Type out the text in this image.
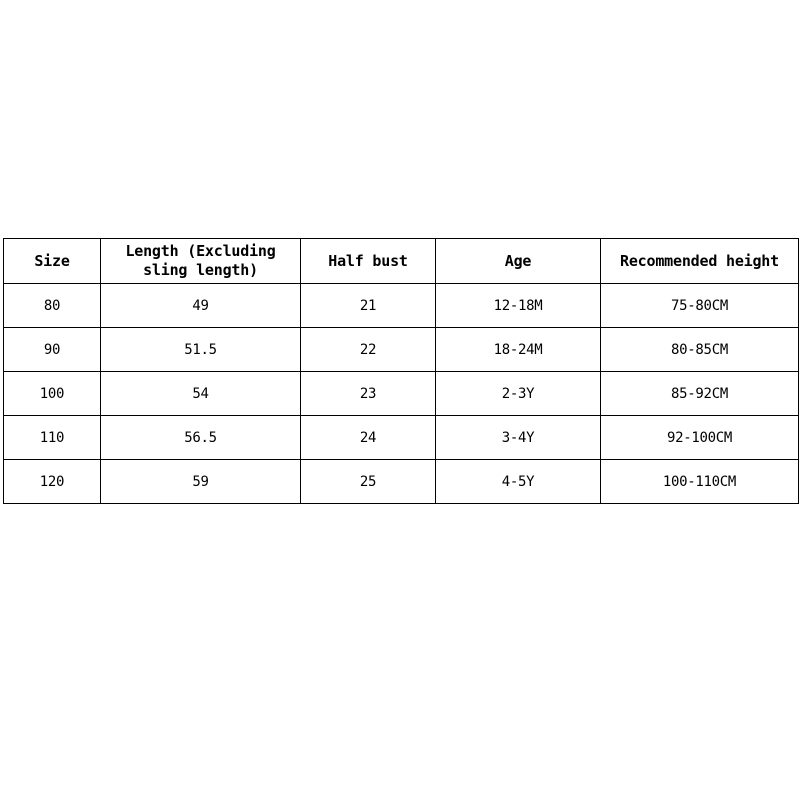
Size	Length (Excluding sling length)	Half bust	Age	Recommended height
80	49	21	12-18M	75-80CM
90	51.5	22	18-24M	80-85CM
100	54	23	2-3Y	85-92CM
110	56.5	24	3-4Y	92-100CM
120	59	25	4-5Y	100-110CM
